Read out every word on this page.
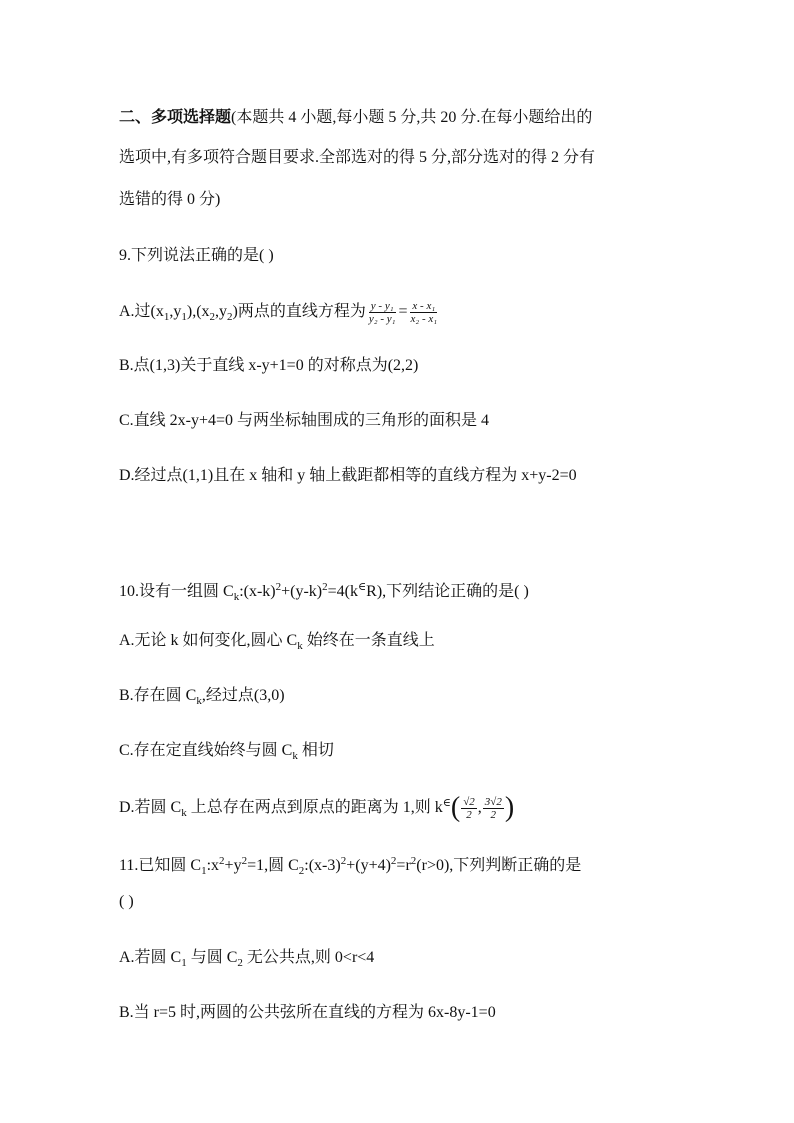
二、多项选择题(本题共 4 小题,每小题 5 分,共 20 分.在每小题给出的
选项中,有多项符合题目要求.全部选对的得 5 分,部分选对的得 2 分有
选错的得 0 分)
9.下列说法正确的是( )
A.过$(x_1,y_1),(x_2,y_2)$两点的直线方程为 $\frac{\text{y - y₁}}{\text{y₂ - y₁}} = \frac{\text{x - x₁}}{\text{x₂ - x₁}}$
B.点(1,3)关于直线 x-y+1=0 的对称点为(2,2)
C.直线 2x-y+4=0 与两坐标轴围成的三角形的面积是 4
D.经过点(1,1)且在 x 轴和 y 轴上截距都相等的直线方程为 x+y-2=0
10.设有一组圆 $C_k:(x-k)^2+(y-k)^2=4(k^\in R)$,下列结论正确的是( )
A.无论 k 如何变化,圆心 $C_k$ 始终在一条直线上
B.存在圆 $C_k$,经过点(3,0)
C.存在定直线始终与圆 $C_k$ 相切
D.若圆 $C_k$ 上总存在两点到原点的距离为 1,则 k∈ ( $\frac{√2}{2}$ , $\frac{3√2}{2}$ )
11.已知圆 $C_1:x^2+y^2=1$,圆 $C_2:(x-3)^2+(y+4)^2=r^2(r>0)$,下列判断正确的是
( )
A.若圆 $C_1$ 与圆 $C_2$ 无公共点,则 0<r<4
B.当 r=5 时,两圆的公共弦所在直线的方程为 6x-8y-1=0
